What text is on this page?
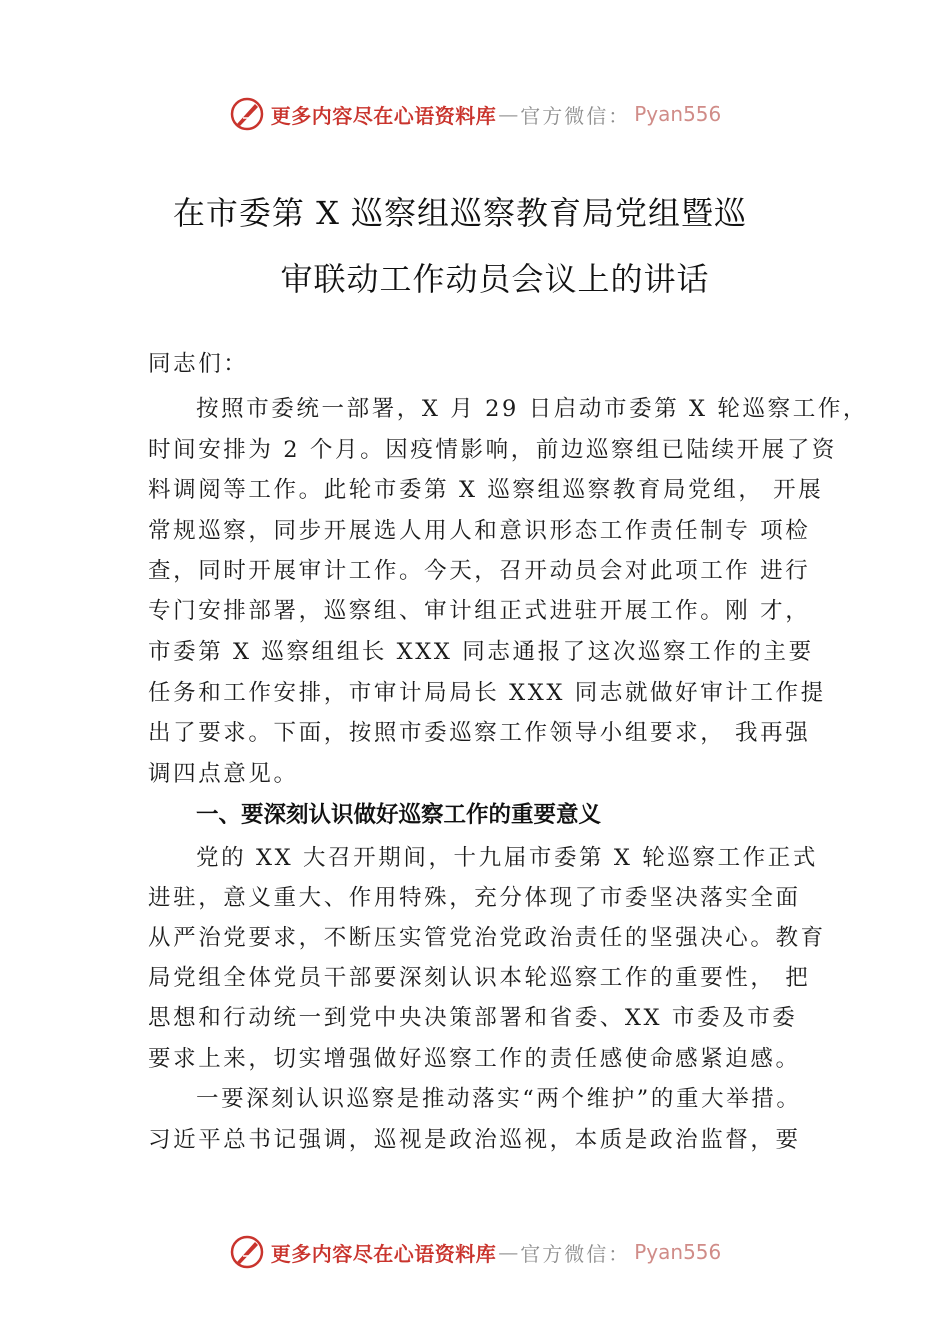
更多内容尽在心语资料库 — 官方微信： Pyan556
在市委第 X 巡察组巡察教育局党组暨巡
审联动工作动员会议上的讲话
同志们：
按照市委统一部署，X 月 29 日启动市委第 X 轮巡察工作，
时间安排为 2 个月。因疫情影响，前边巡察组已陆续开展了资
料调阅等工作。此轮市委第 X 巡察组巡察教育局党组， 开展
常规巡察，同步开展选人用人和意识形态工作责任制专 项检
查，同时开展审计工作。今天，召开动员会对此项工作 进行
专门安排部署，巡察组、审计组正式进驻开展工作。刚 才，
市委第 X 巡察组组长 XXX 同志通报了这次巡察工作的主要
任务和工作安排，市审计局局长 XXX 同志就做好审计工作提
出了要求。下面，按照市委巡察工作领导小组要求， 我再强
调四点意见。
一、要深刻认识做好巡察工作的重要意义
党的 XX 大召开期间，十九届市委第 X 轮巡察工作正式
进驻，意义重大、作用特殊，充分体现了市委坚决落实全面
从严治党要求，不断压实管党治党政治责任的坚强决心。教育
局党组全体党员干部要深刻认识本轮巡察工作的重要性， 把
思想和行动统一到党中央决策部署和省委、XX 市委及市委
要求上来，切实增强做好巡察工作的责任感使命感紧迫感。
一要深刻认识巡察是推动落实“两个维护”的重大举措。
习近平总书记强调，巡视是政治巡视，本质是政治监督，要
更多内容尽在心语资料库 — 官方微信： Pyan556
